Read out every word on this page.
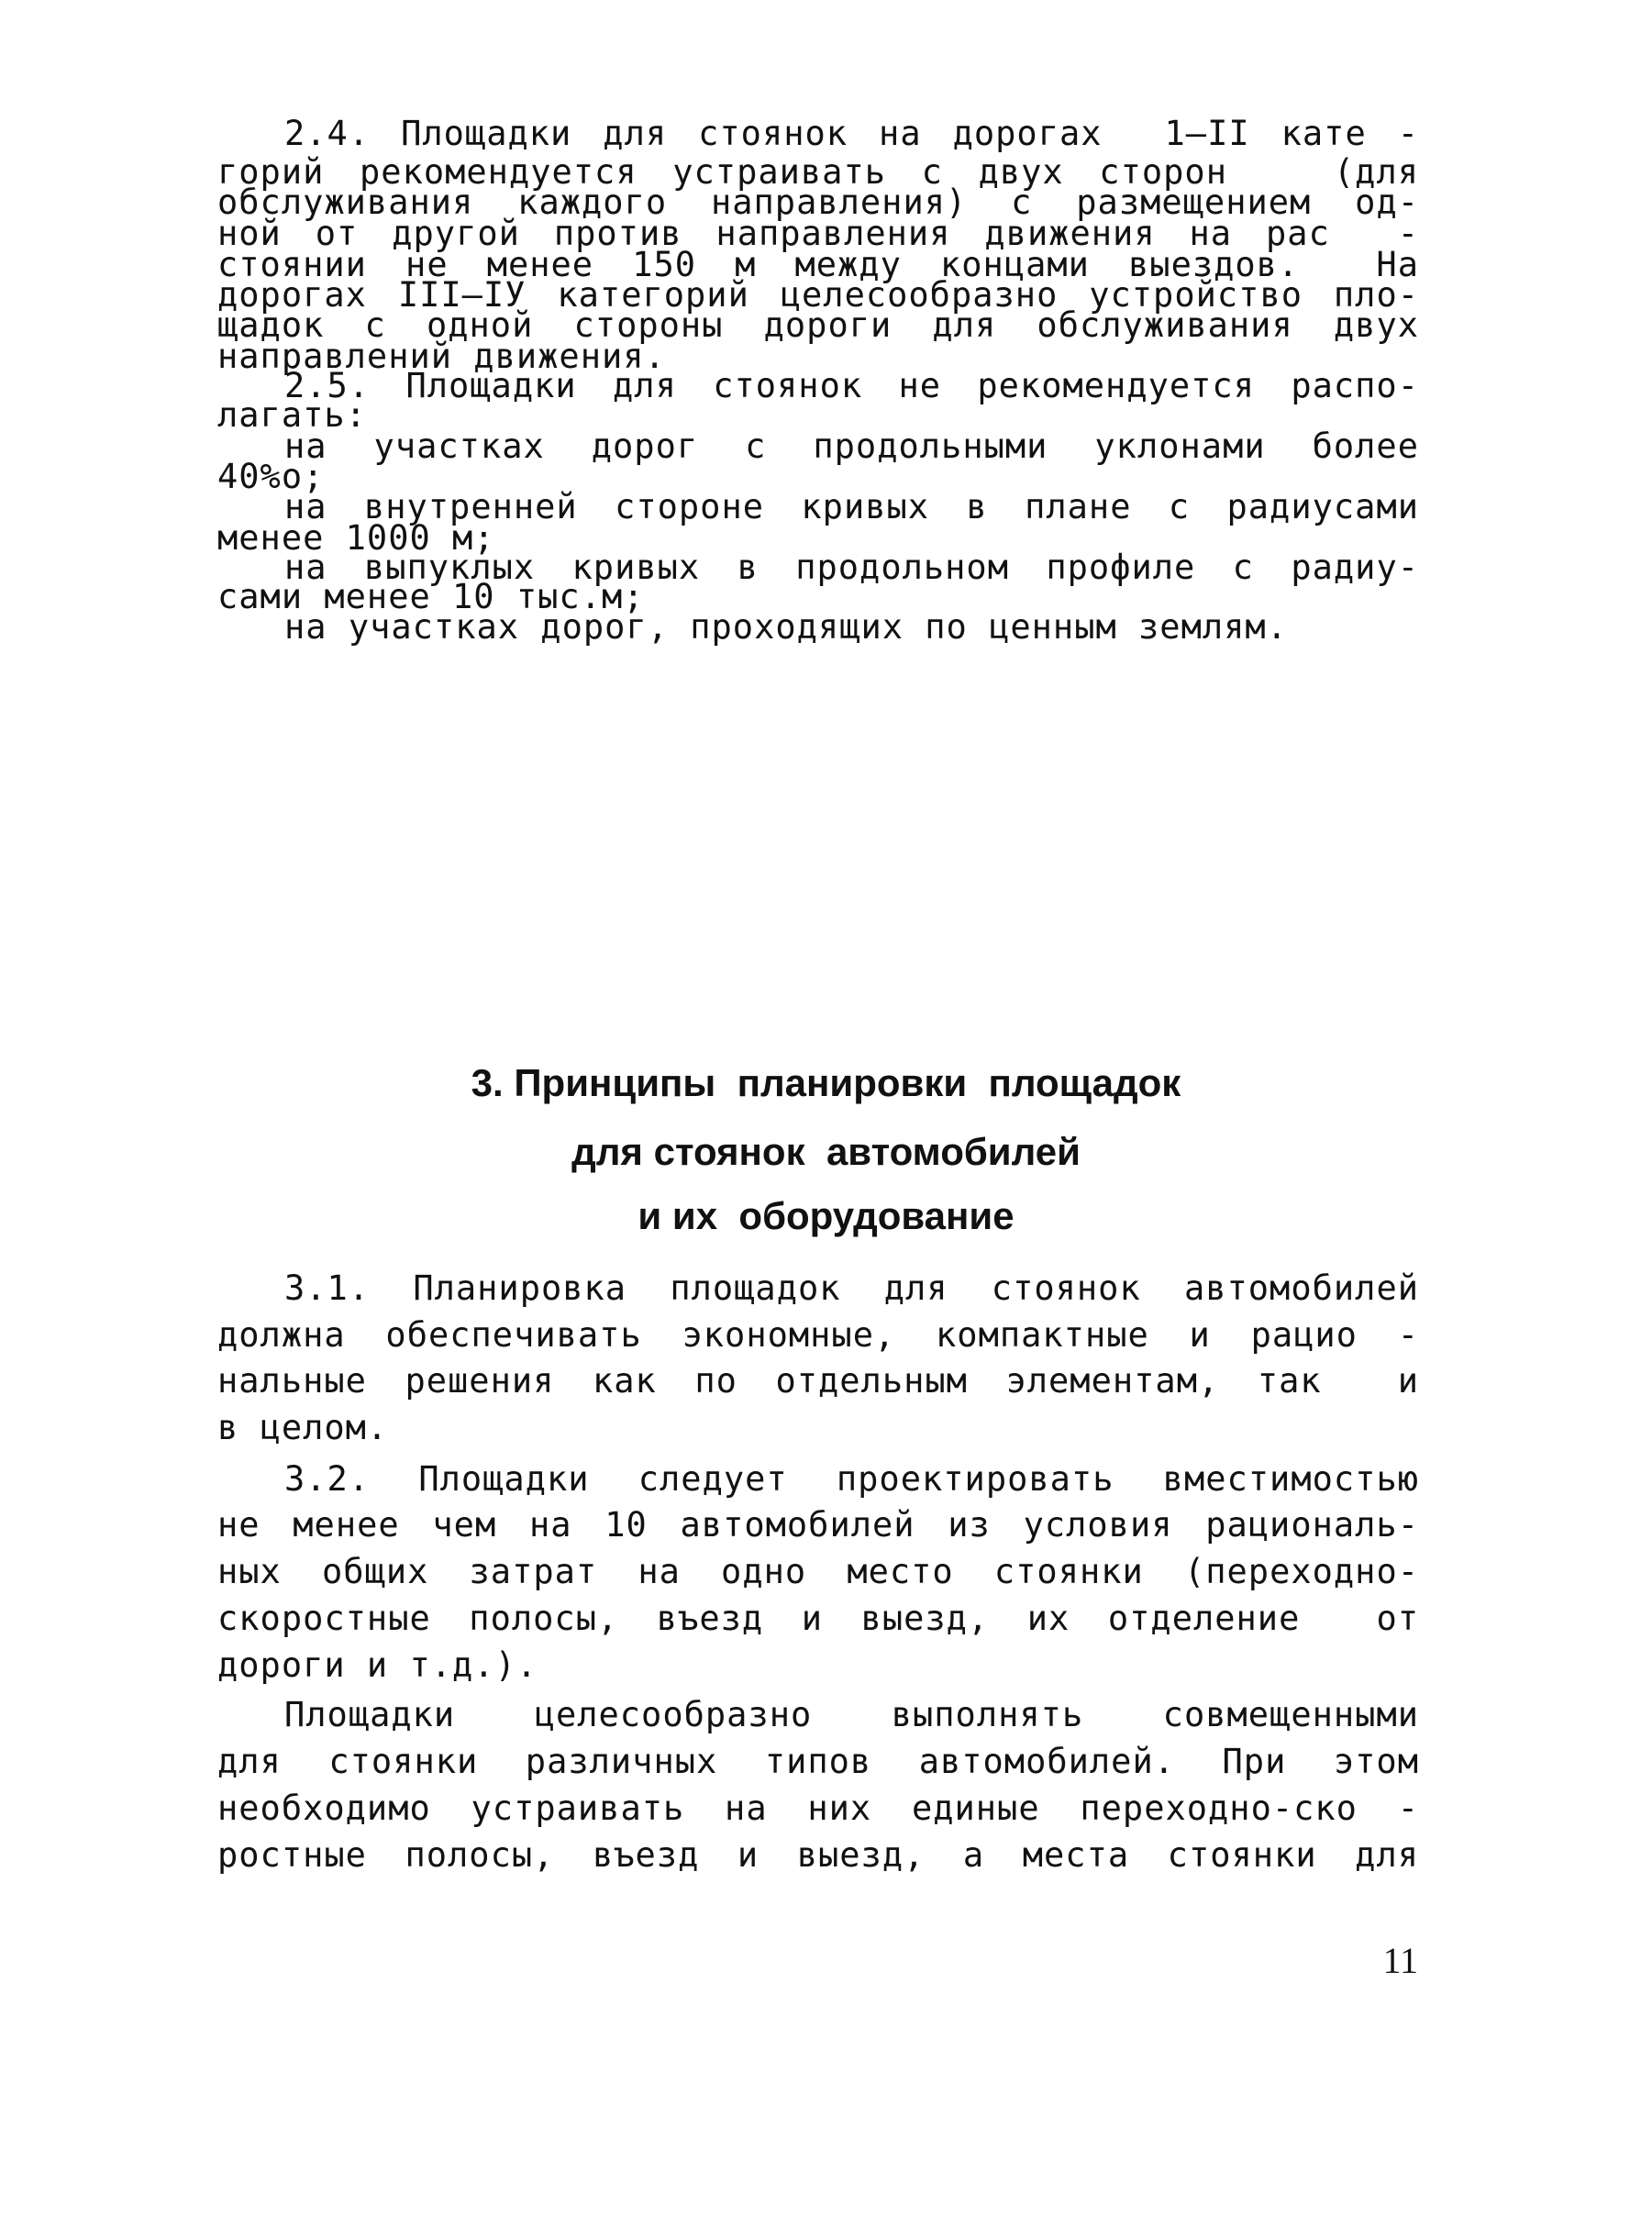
2.4. Площадки для стоянок на дорогах  1–II кате -
горий рекомендуется устраивать с двух сторон   (для
обслуживания каждого направления) с размещением од-
ной от другой против направления движения на рас  -
стоянии не менее 150 м между концами выездов.  На
дорогах III–IУ категорий целесообразно устройство пло-
щадок с одной стороны дороги для обслуживания двух
направлений движения.
2.5. Площадки для стоянок не рекомендуется распо-
лагать:
на участках дорог с продольными уклонами более
40%о;
на внутренней стороне кривых в плане с радиусами
менее 1000 м;
на выпуклых кривых в продольном профиле с радиу-
сами менее 10 тыс.м;
на участках дорог, проходящих по ценным землям.
3. Принципы  планировки  площадок
для стоянок  автомобилей
и их  оборудование
3.1. Планировка площадок для стоянок автомобилей
должна обеспечивать экономные, компактные и рацио -
нальные решения как по отдельным элементам, так  и
в целом.
3.2. Площадки следует проектировать вместимостью
не менее чем на 10 автомобилей из условия рациональ-
ных общих затрат на одно место стоянки (переходно-
скоростные полосы, въезд и выезд, их отделение  от
дороги и т.д.).
Площадки целесообразно выполнять совмещенными
для стоянки различных типов автомобилей. При этом
необходимо устраивать на них единые переходно-ско -
ростные полосы, въезд и выезд, а места стоянки для
11
